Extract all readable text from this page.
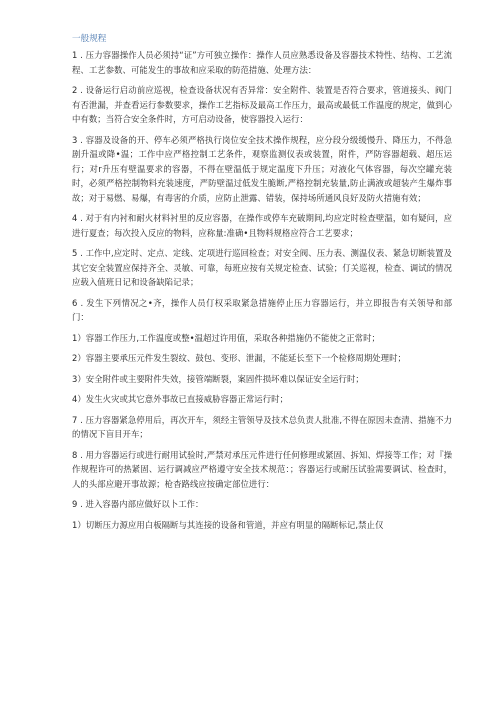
一般规程

1 . 压力容器操作人员必须持“证”方可独立操作：操作人员应熟悉设备及容器技术特性、结构、工艺流程、工艺参数、可能发生的事故和应采取的防范措施、处理方法：

2 . 设备运行启动前应巡视，检查设备状况有否异常：安全附件、装置是否符合要求，管道接头、阀门有否泄漏，并查看运行参数要求，操作工艺指标及最高工作压力，最高或最低工作温度的规定，做到心中有数；当符合安全条件时，方可启动设备，使容器投入运行：

3 . 容器及设备的开、停车必须严格执行岗位安全技术操作规程，应分段分级缓慢升、降压力，不得急剧升温或降•温；工作中应严格控制工艺条件，观察监测仪表或装置，附件，严防容器超载、超压运行；对r升压有壁温要求的容器，不得在壁温低于规定温度下升压；对液化气体容器，每次空罐充装时，必须严格控制物料充装速度，严防壁温过低发生脆断,严格控制充装量,防止满液或超装产生爆炸事故；对于易燃、易爆，有毒害的介质，应防止泄露、错装，保持场所通风良好及防火措施有效；

4 . 对于有内衬和耐火材料衬里的反应容器，在操作或停车充破期间,均应定时检查壁温，如有疑问，应进行夏查；每次投入反应的物料，应称量:准确•且物料规格应符合工艺要求；

5 . 工作中,应定时、定点、定线、定项进行巡回检查；对安全阀、压力表、测温仪表、紧急切断装置及其它安全装置应保持齐全、灵敏、可靠，每班应按有关规定检查、试验；仃关巡视，检查、调试的情况应载入值班日记和设备缺陷记录；

6 . 发生下列情况之•齐，操作人员仃权采取紧急措施停止压力容器运行，并立即报告有关领导和部门：

1）容器工作压力,工作温度或整•温超过许用值，采取各种措施仍不能使之正常时；

2）容器主要承压元件发生裂纹、鼓包、变形、泄漏，不能延长至下一个检修周期处理时；

3）安全附件或主要附件失效，接管端断裂，案固件损坏难以保证安全运行时；

4）发生火灾或其它意外事故已直接威胁容器正常运行时；

7 . 压力容器紧急停用后，再次开车，须经主管领导及技术总负责人批准,不得在原因未查清、措施不力的情况下盲目开车；

8 . 用力容器运行或进行耐用试验时,严禁对承压元件进行任何修理或紧固、拆知、焊接等工作；对『操作规程许可的热紧固、运行调减应严格遵守安全技术规范：；容器运行或耐压试验需要调试、检查时，人的头部应避开事故源；枪杳路线应按确定部位进行：

9 . 进入容器内部应做好以卜工作：

1）切断压力源应用白板隔断与其连接的设备和管道，并应有明显的隔断标记,禁止仅
